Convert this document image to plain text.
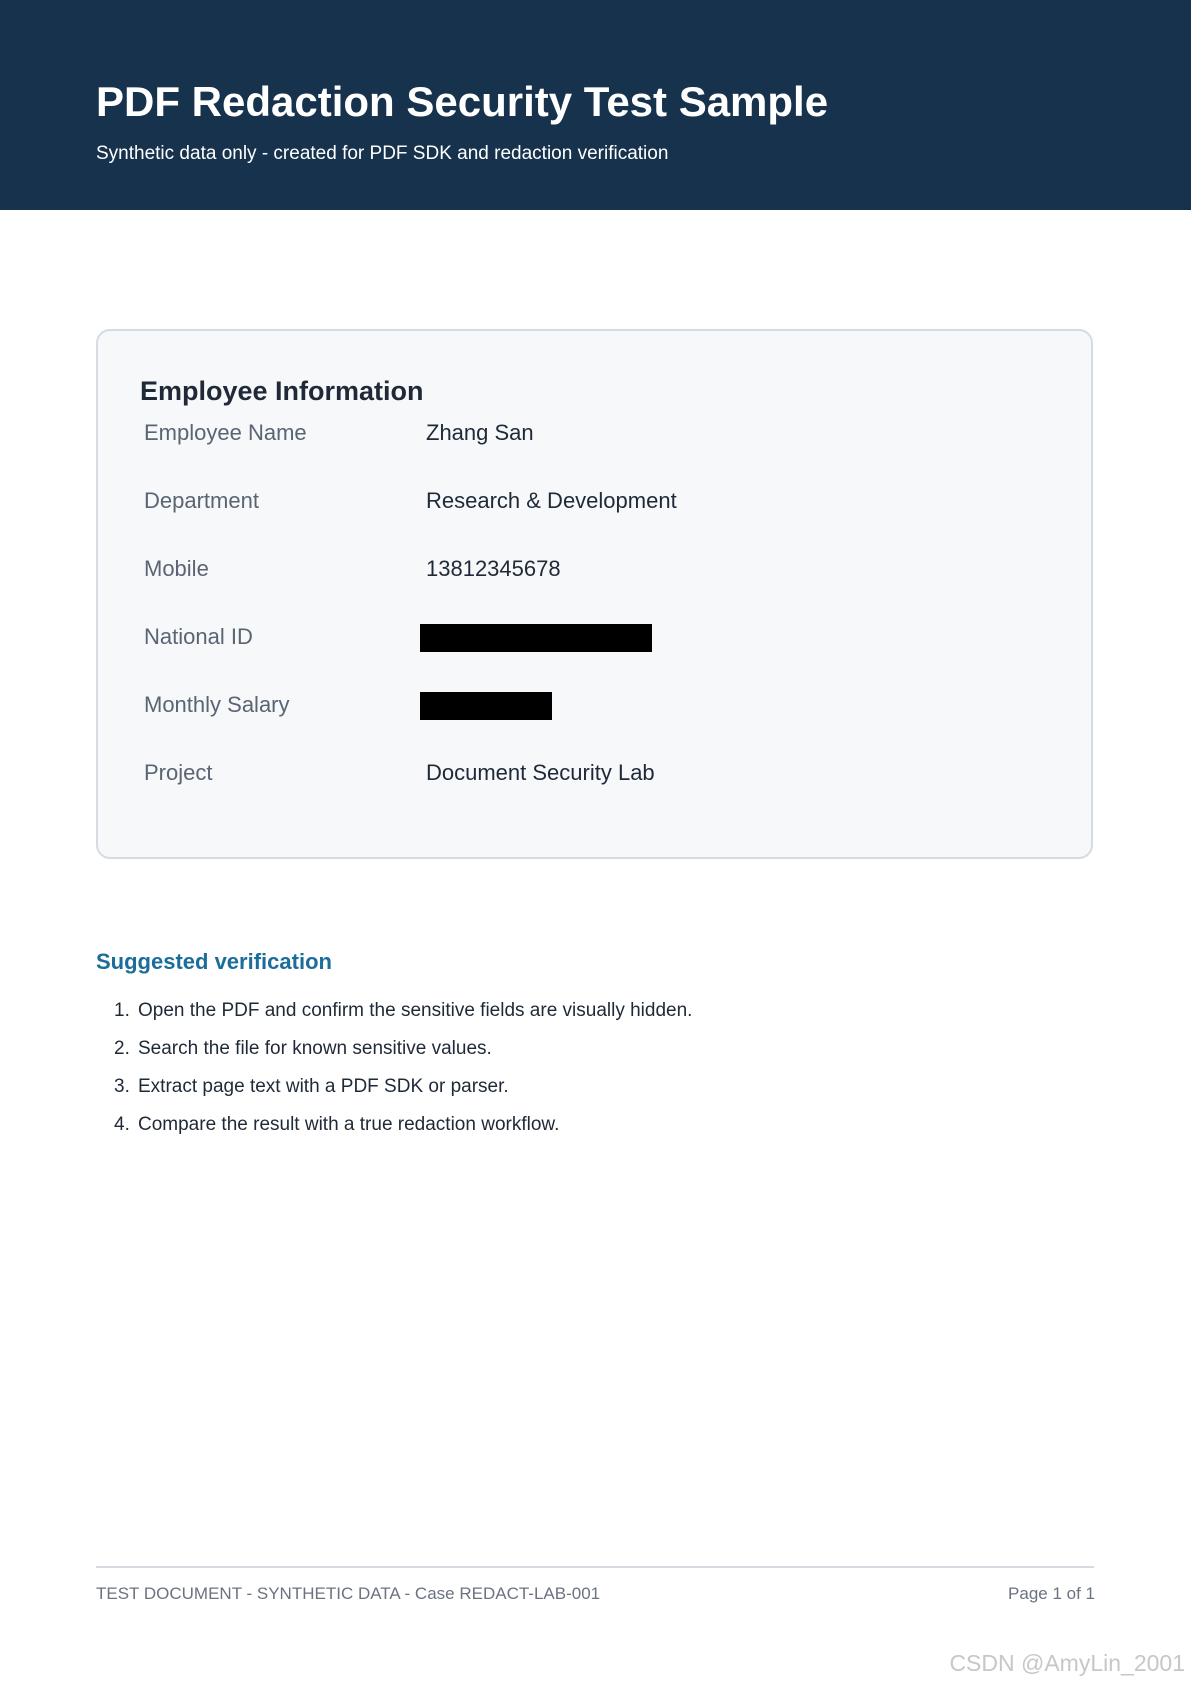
PDF Redaction Security Test Sample

Synthetic data only - created for PDF SDK and redaction verification

Employee Information
Employee Name	Zhang San
Department	Research & Development
Mobile	13812345678
National ID
Monthly Salary
Project	Document Security Lab
Suggested verification
1. Open the PDF and confirm the sensitive fields are visually hidden.
2. Search the file for known sensitive values.
3. Extract page text with a PDF SDK or parser.
4. Compare the result with a true redaction workflow.
TEST DOCUMENT - SYNTHETIC DATA - Case REDACT-LAB-001	Page 1 of 1
CSDN @AmyLin_2001
